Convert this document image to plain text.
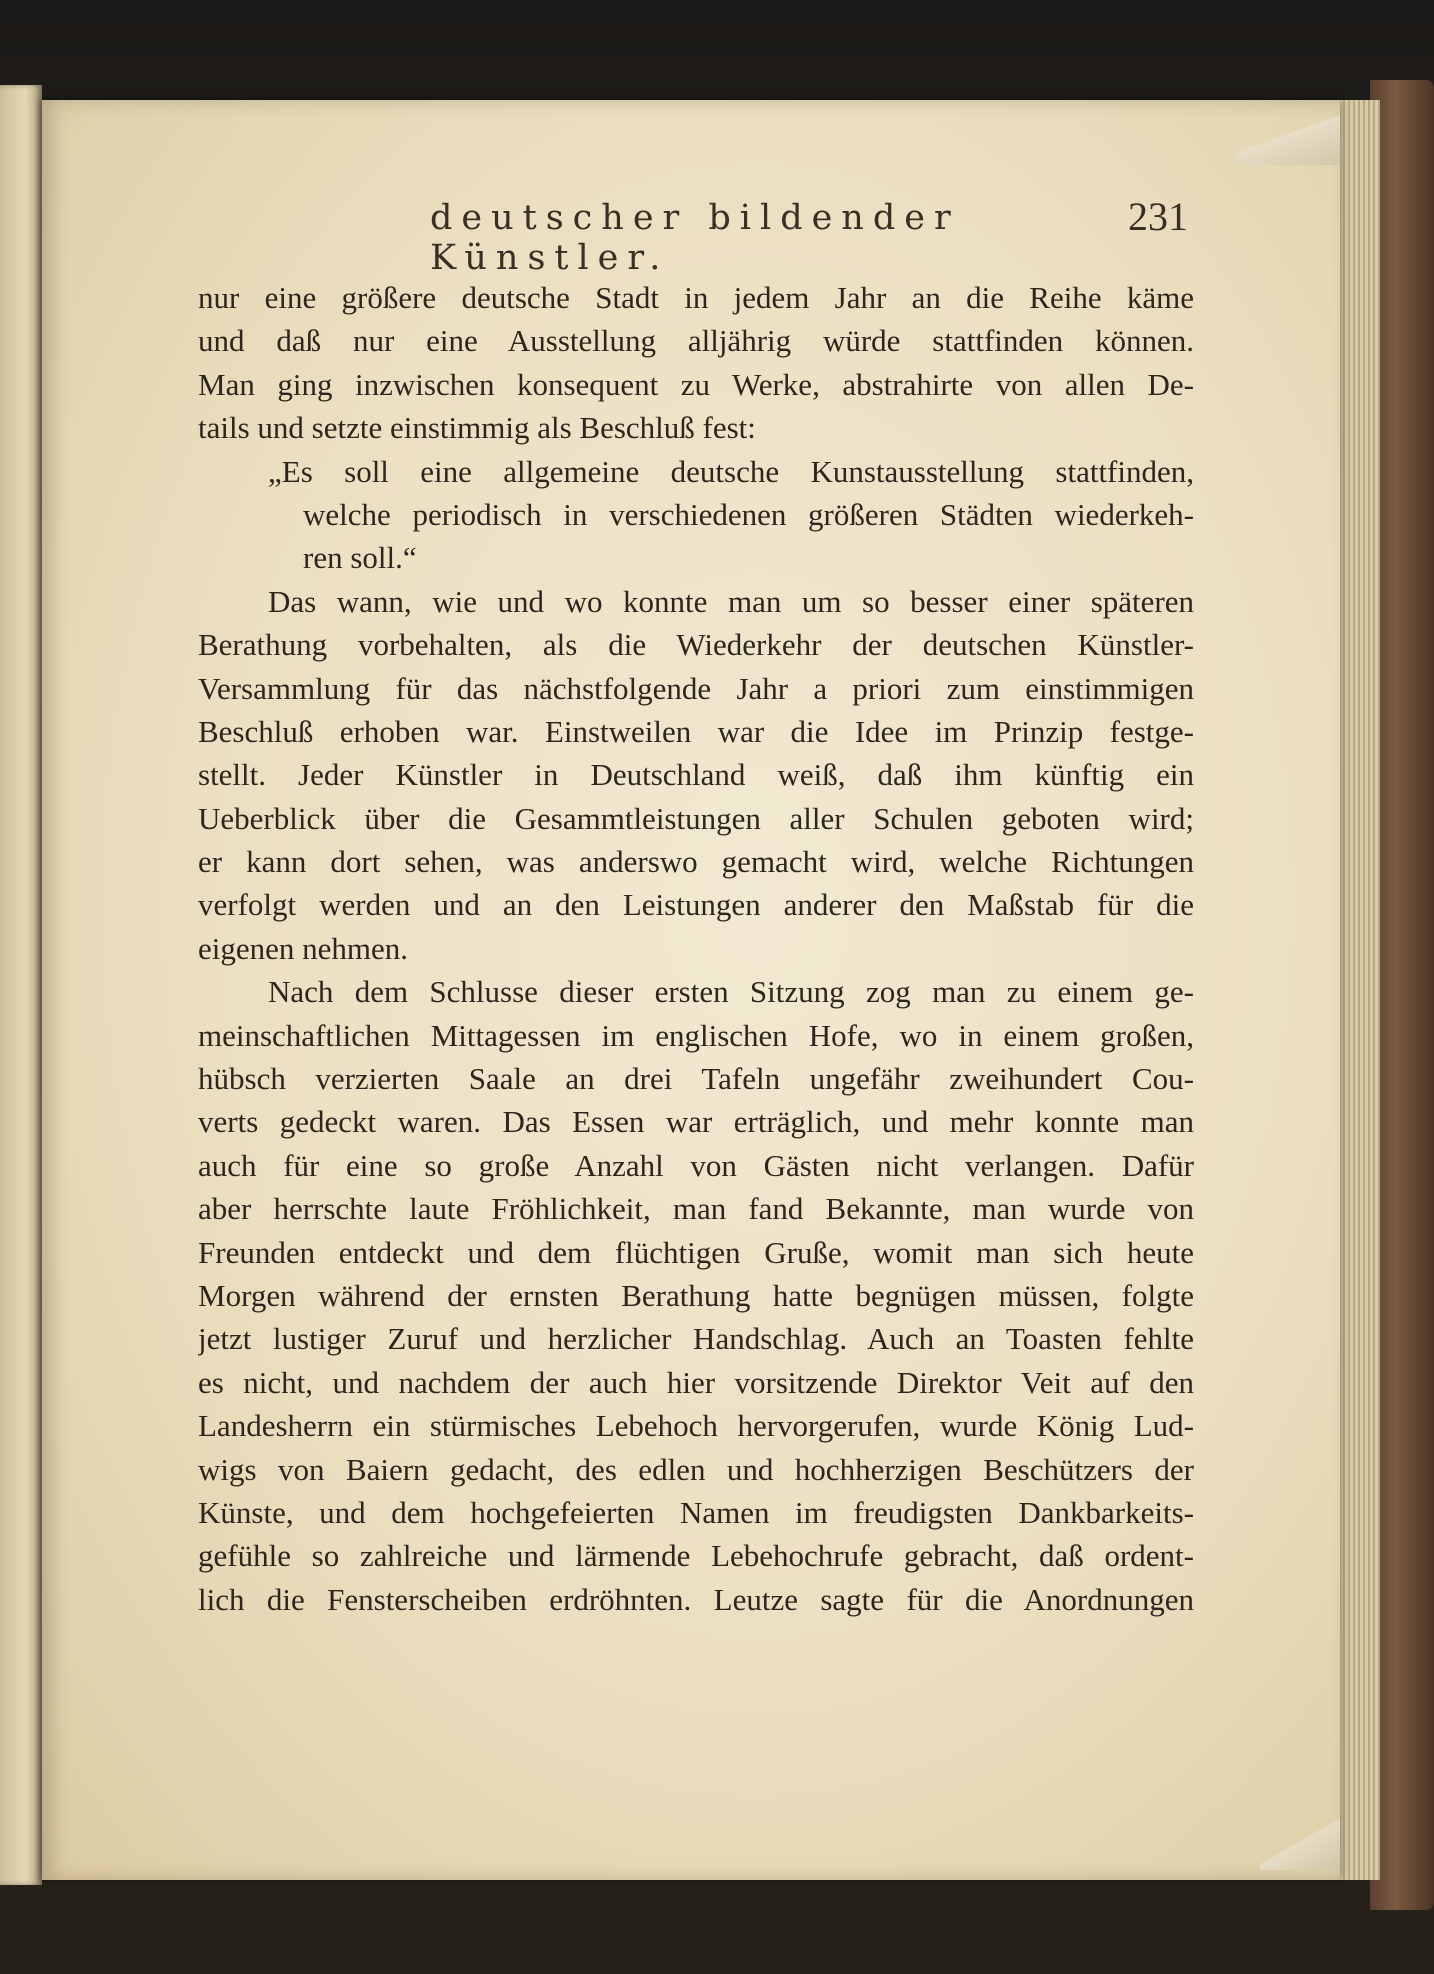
deutscher bildender Künstler.
231
nur eine größere deutsche Stadt in jedem Jahr an die Reihe käme
und daß nur eine Ausstellung alljährig würde stattfinden können.
Man ging inzwischen konsequent zu Werke, abstrahirte von allen De-
tails und setzte einstimmig als Beschluß fest:
„Es soll eine allgemeine deutsche Kunstausstellung stattfinden,
welche periodisch in verschiedenen größeren Städten wiederkeh-
ren soll.“
Das wann, wie und wo konnte man um so besser einer späteren
Berathung vorbehalten, als die Wiederkehr der deutschen Künstler-
Versammlung für das nächstfolgende Jahr a priori zum einstimmigen
Beschluß erhoben war. Einstweilen war die Idee im Prinzip festge-
stellt. Jeder Künstler in Deutschland weiß, daß ihm künftig ein
Ueberblick über die Gesammtleistungen aller Schulen geboten wird;
er kann dort sehen, was anderswo gemacht wird, welche Richtungen
verfolgt werden und an den Leistungen anderer den Maßstab für die
eigenen nehmen.
Nach dem Schlusse dieser ersten Sitzung zog man zu einem ge-
meinschaftlichen Mittagessen im englischen Hofe, wo in einem großen,
hübsch verzierten Saale an drei Tafeln ungefähr zweihundert Cou-
verts gedeckt waren. Das Essen war erträglich, und mehr konnte man
auch für eine so große Anzahl von Gästen nicht verlangen. Dafür
aber herrschte laute Fröhlichkeit, man fand Bekannte, man wurde von
Freunden entdeckt und dem flüchtigen Gruße, womit man sich heute
Morgen während der ernsten Berathung hatte begnügen müssen, folgte
jetzt lustiger Zuruf und herzlicher Handschlag. Auch an Toasten fehlte
es nicht, und nachdem der auch hier vorsitzende Direktor Veit auf den
Landesherrn ein stürmisches Lebehoch hervorgerufen, wurde König Lud-
wigs von Baiern gedacht, des edlen und hochherzigen Beschützers der
Künste, und dem hochgefeierten Namen im freudigsten Dankbarkeits-
gefühle so zahlreiche und lärmende Lebehochrufe gebracht, daß ordent-
lich die Fensterscheiben erdröhnten. Leutze sagte für die Anordnungen
